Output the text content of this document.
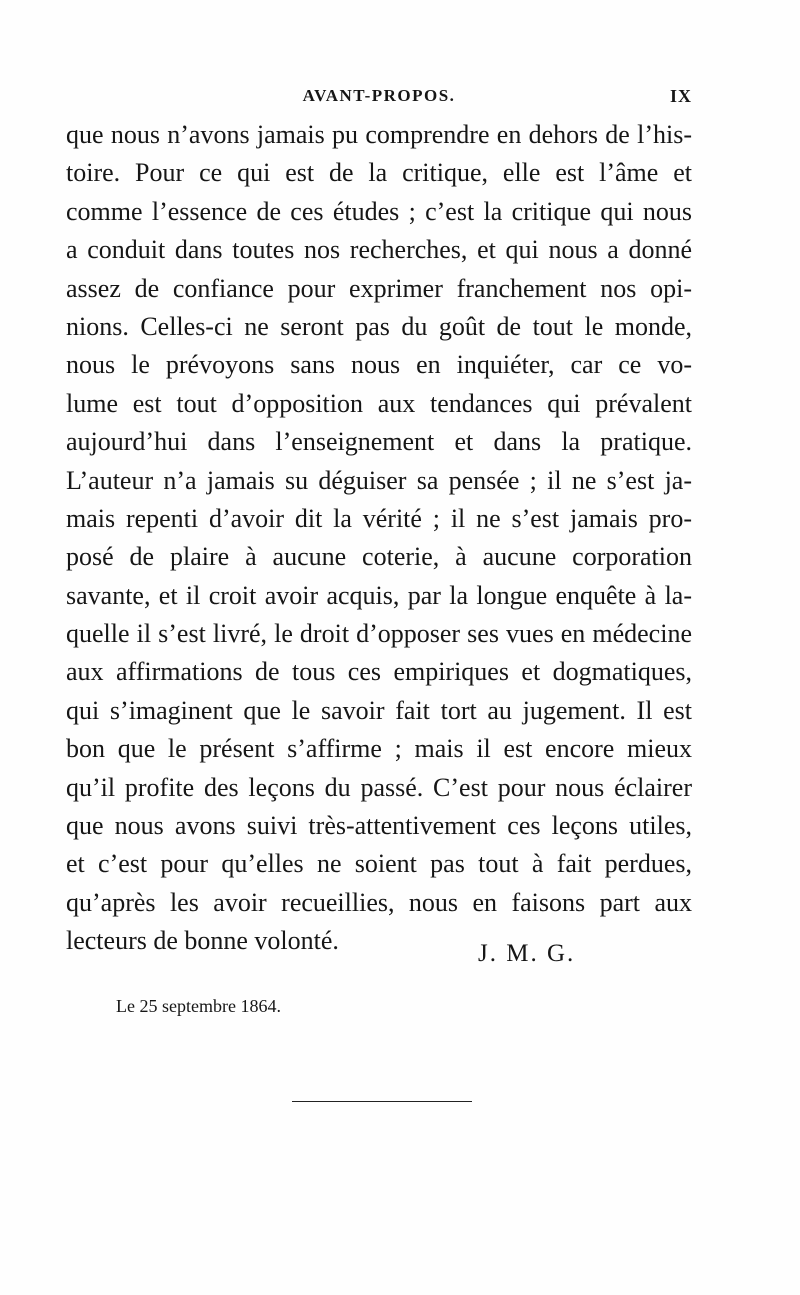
AVANT-PROPOS.	IX
que nous n’avons jamais pu comprendre en dehors de l’his-
toire. Pour ce qui est de la critique, elle est l’âme et
comme l’essence de ces études ; c’est la critique qui nous
a conduit dans toutes nos recherches, et qui nous a donné
assez de confiance pour exprimer franchement nos opi-
nions. Celles-ci ne seront pas du goût de tout le monde,
nous le prévoyons sans nous en inquiéter, car ce vo-
lume est tout d’opposition aux tendances qui prévalent
aujourd’hui dans l’enseignement et dans la pratique.
L’auteur n’a jamais su déguiser sa pensée ; il ne s’est ja-
mais repenti d’avoir dit la vérité ; il ne s’est jamais pro-
posé de plaire à aucune coterie, à aucune corporation
savante, et il croit avoir acquis, par la longue enquête à la-
quelle il s’est livré, le droit d’opposer ses vues en médecine
aux affirmations de tous ces empiriques et dogmatiques,
qui s’imaginent que le savoir fait tort au jugement. Il est
bon que le présent s’affirme ; mais il est encore mieux
qu’il profite des leçons du passé. C’est pour nous éclairer
que nous avons suivi très-attentivement ces leçons utiles,
et c’est pour qu’elles ne soient pas tout à fait perdues,
qu’après les avoir recueillies, nous en faisons part aux
lecteurs de bonne volonté.	J. M. G.
Le 25 septembre 1864.
